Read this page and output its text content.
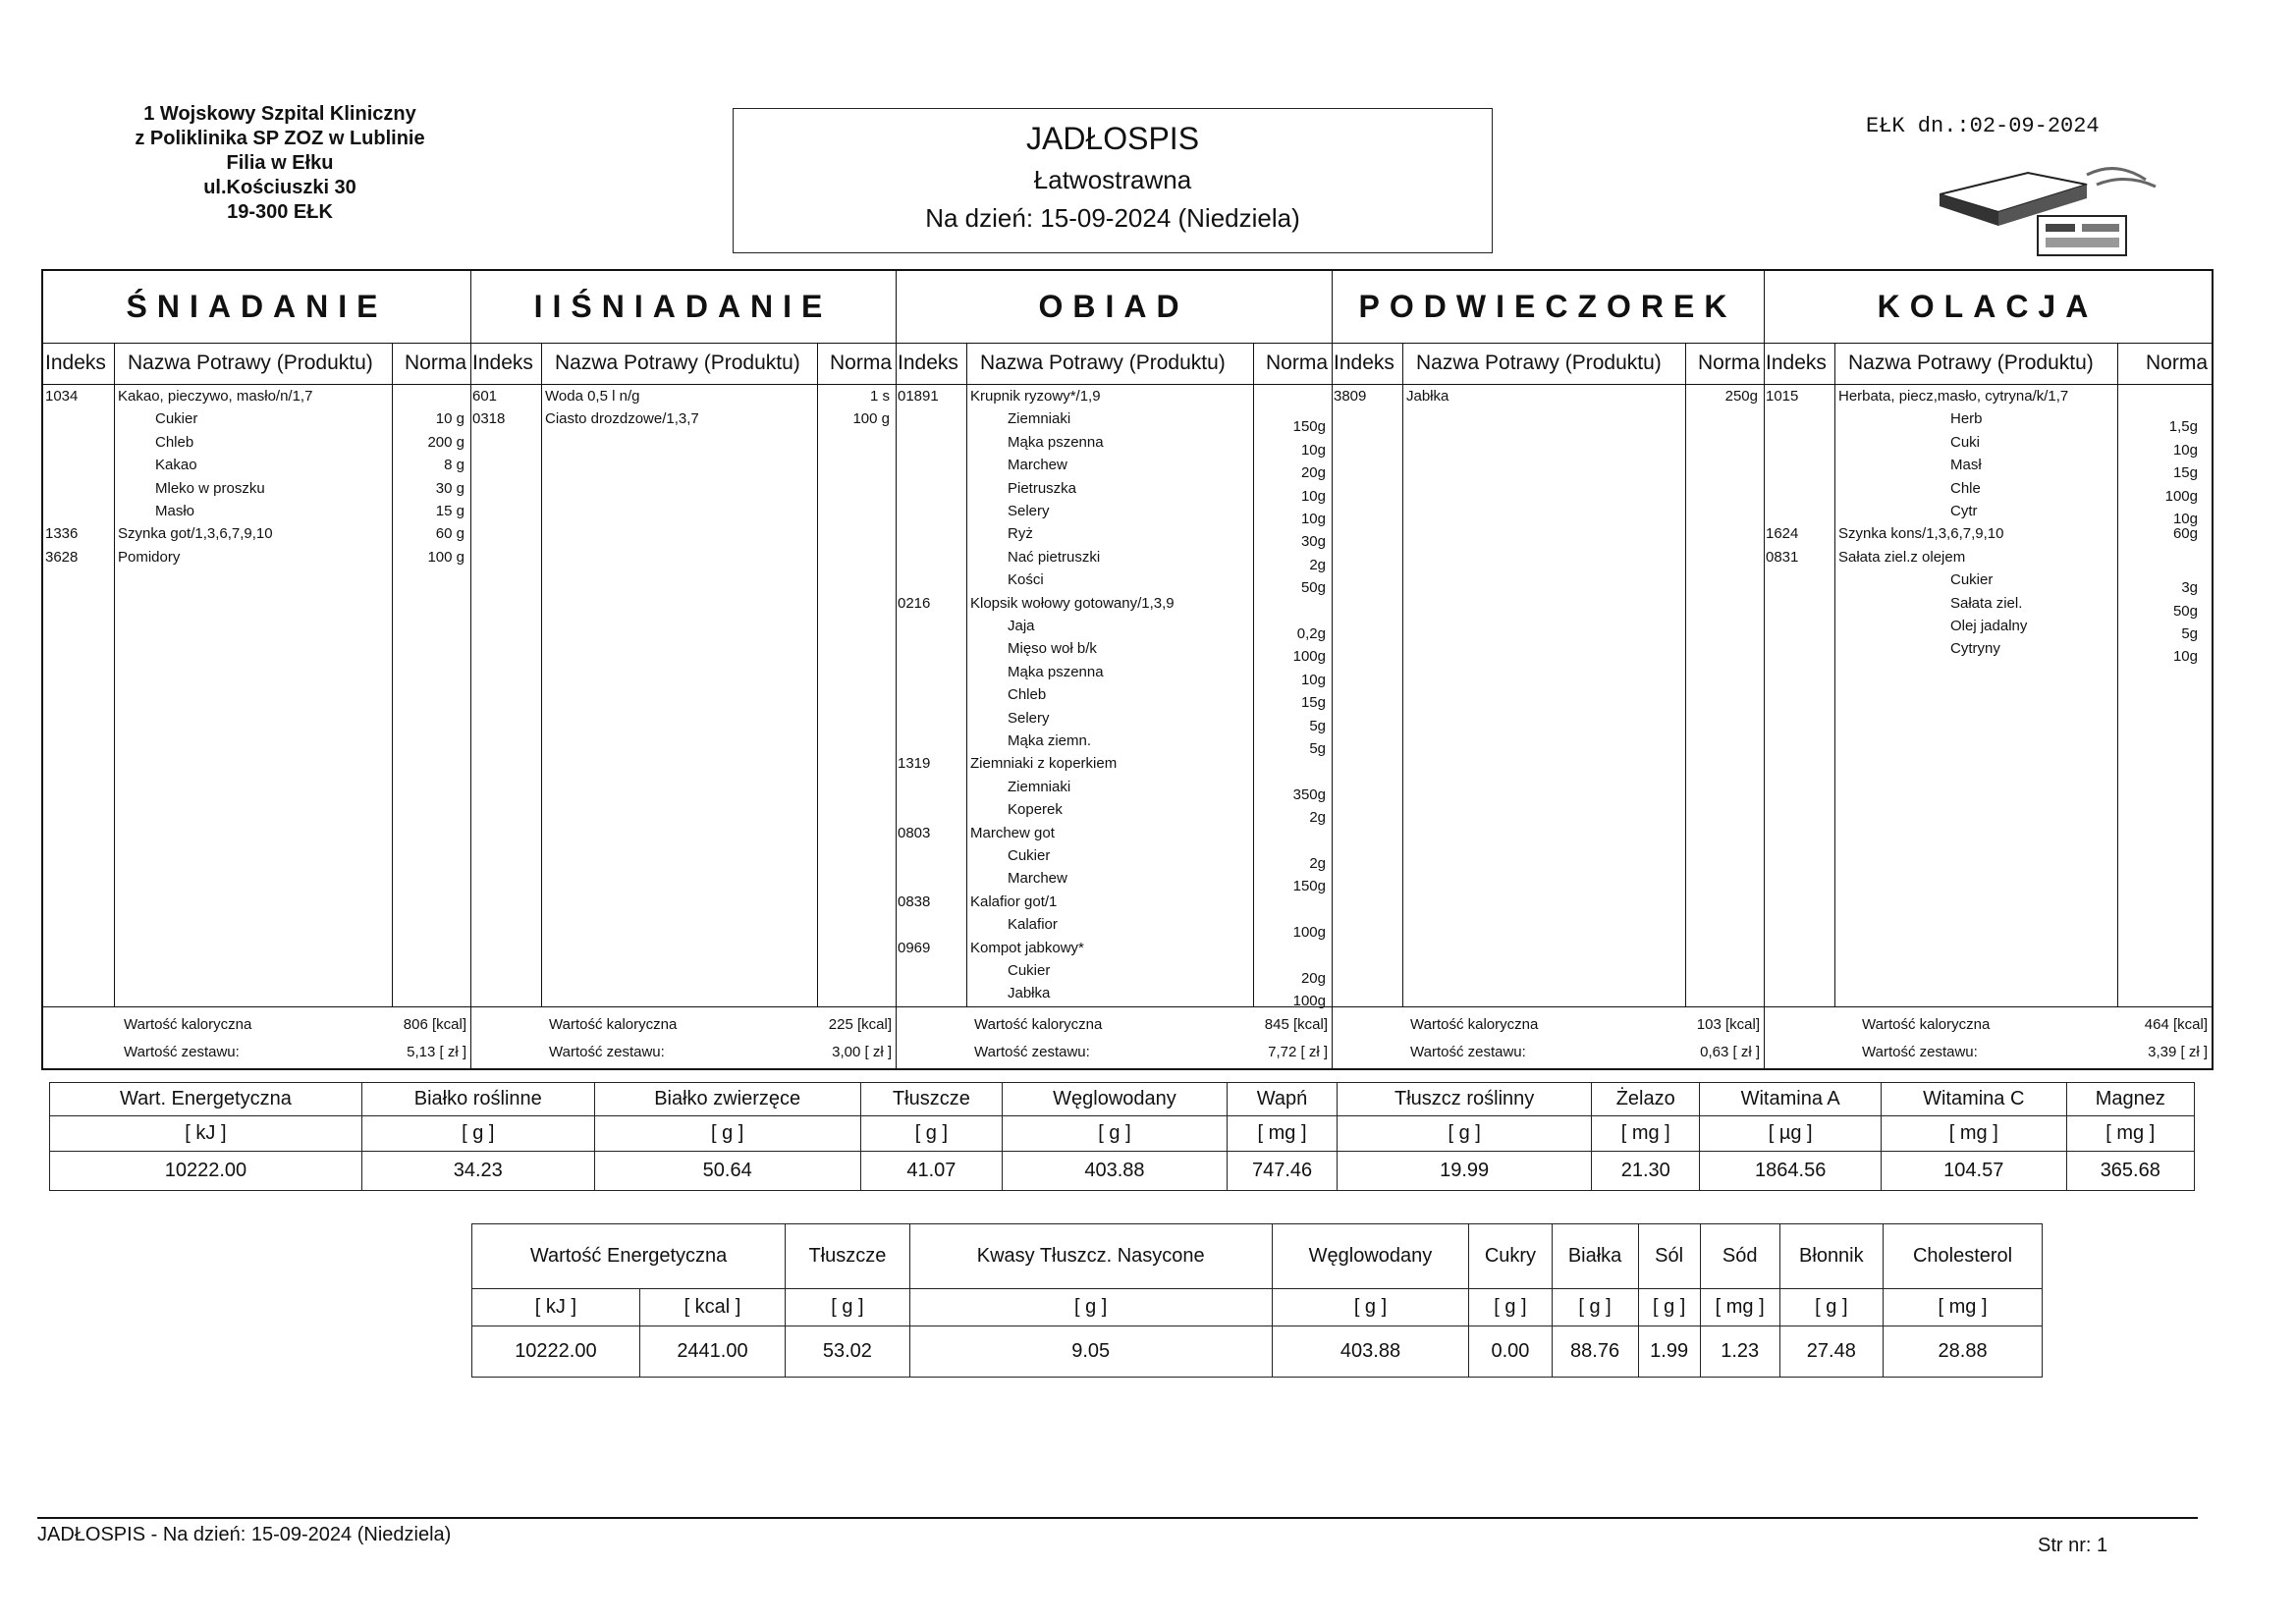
1 Wojskowy Szpital Kliniczny
z Poliklinika SP ZOZ w Lublinie
Filia w Ełku
ul.Kościuszki 30
19-300 EŁK
JADŁOSPIS
Łatwostrawna
Na dzień: 15-09-2024 (Niedziela)
EŁK dn.:02-09-2024
ŚNIADANIE
Indeks Nazwa Potrawy (Produktu) Norma
1034	Kakao, pieczywo, masło/n/1,7
Cukier	10 g
Chleb	200 g
Kakao	8 g
Mleko w proszku	30 g
Masło	15 g
1336	Szynka got/1,3,6,7,9,10	60 g
3628	Pomidory	100 g
Wartość kaloryczna	806 [kcal]
Wartość zestawu:	5,13 [ zł ]
IIŚNIADANIE
Indeks Nazwa Potrawy (Produktu) Norma
601	Woda 0,5 l n/g	1 s
0318	Ciasto drozdzowe/1,3,7	100 g
Wartość kaloryczna	225 [kcal]
Wartość zestawu:	3,00 [ zł ]
OBIAD
Indeks Nazwa Potrawy (Produktu) Norma
01891 Krupnik ryzowy*/1,9
Ziemniaki	150g
Mąka pszenna	10g
Marchew	20g
Pietruszka	10g
Selery	10g
Ryż	30g
Nać pietruszki	2g
Kości	50g
0216	Klopsik wołowy gotowany/1,3,9
Jaja	0,2g
Mięso woł b/k	100g
Mąka pszenna	10g
Chleb	15g
Selery	5g
Mąka ziemn.	5g
1319	Ziemniaki z koperkiem
Ziemniaki	350g
Koperek	2g
0803	Marchew got
Cukier	2g
Marchew	150g
0838	Kalafior got/1
Kalafior	100g
0969	Kompot jabkowy*
Cukier	20g
Jabłka	100g
Wartość kaloryczna	845 [kcal]
Wartość zestawu:	7,72 [ zł ]
PODWIECZOREK
Indeks Nazwa Potrawy (Produktu) Norma
3809	Jabłka	250g
Wartość kaloryczna	103 [kcal]
Wartość zestawu:	0,63 [ zł ]
KOLACJA
Indeks Nazwa Potrawy (Produktu)	Norma
1015	Herbata, piecz,masło, cytryna/k/1,7
Herb	1,5g
Cuki	10g
Masł	15g
Chle	100g
Cytr	10g
1624	Szynka kons/1,3,6,7,9,10	60g
0831	Sałata ziel.z olejem
Cukier	3g
Sałata ziel.	50g
Olej jadalny	5g
Cytryny	10g
Wartość kaloryczna	464 [kcal]
Wartość zestawu:	3,39 [ zł ]
Wart. Energetyczna	Białko roślinne	Białko zwierzęce	Tłuszcze	Węglowodany	Wapń	Tłuszcz roślinny	Żelazo	Witamina A	Witamina C	Magnez
[ kJ ]	[ g ]	[ g ]	[ g ]	[ g ]	[ mg ]	[ g ]	[ mg ]	[ µg ]	[ mg ]	[ mg ]
10222.00	34.23	50.64	41.07	403.88	747.46	19.99	21.30	1864.56	104.57	365.68
Wartość Energetyczna		Tłuszcze	Kwasy Tłuszcz. Nasycone	Węglowodany	Cukry	Białka	Sól	Sód	Błonnik	Cholesterol
[ kJ ]	[ kcal ]	[ g ]	[ g ]	[ g ]	[ g ]	[ g ]	[ g ]	[ mg ]	[ g ]	[ mg ]
10222.00	2441.00	53.02	9.05	403.88	0.00	88.76	1.99	1.23	27.48	28.88
JADŁOSPIS - Na dzień: 15-09-2024 (Niedziela)	Str nr: 1
